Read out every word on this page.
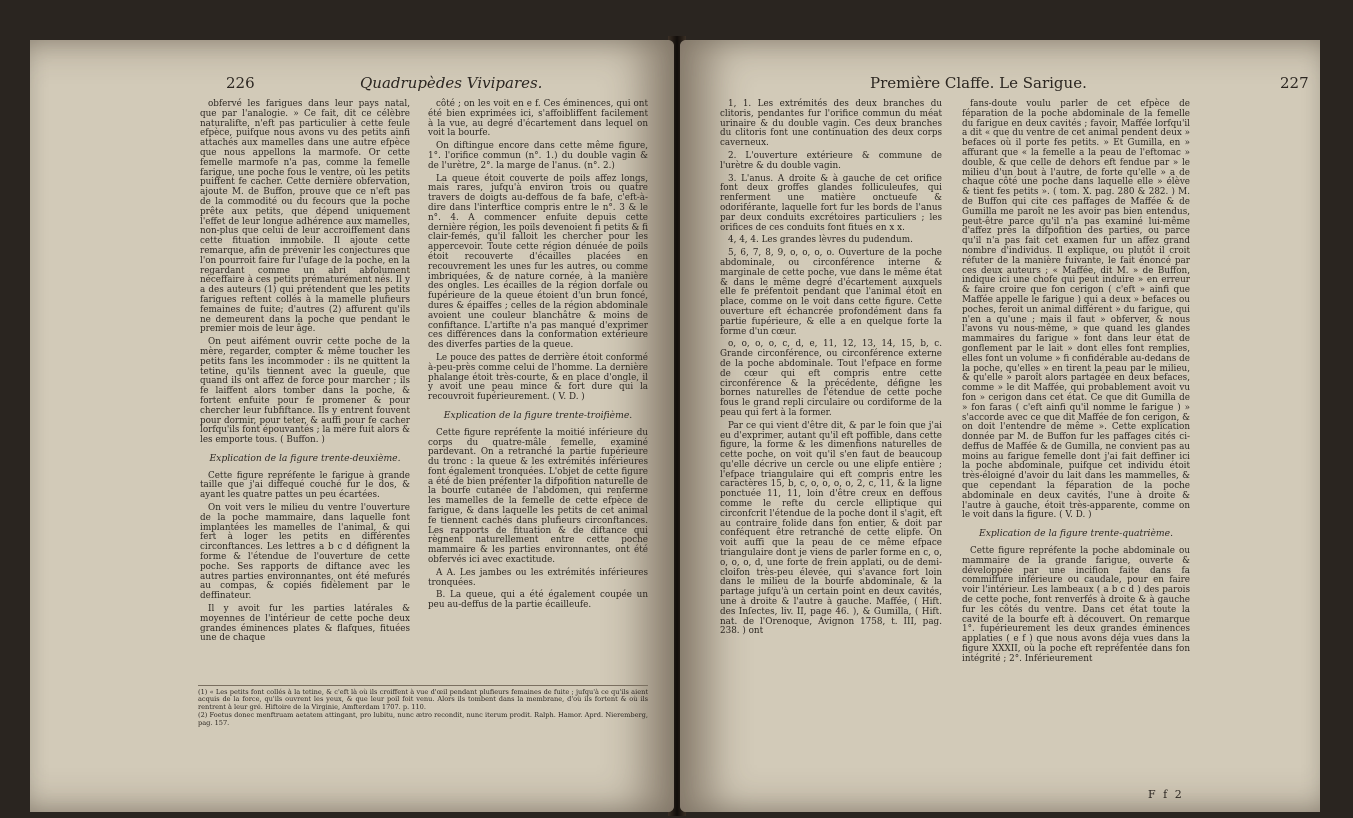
226	Quadrupèdes Vivipares.

obfervé les farigues dans leur pays natal, que par l'analogie. » Ce fait, dit ce célèbre naturalifte, n'eft pas particulier à cette feule efpèce, puifque nous avons vu des petits ainfi attachés aux mamelles dans une autre efpèce que nous appellons la marmofe. Or cette femelle marmofe n'a pas, comme la femelle farigue, une poche fous le ventre, où les petits puiffent fe cacher. Cette dernière obfervation, ajoute M. de Buffon, prouve que ce n'eft pas de la commodité ou du fecours que la poche prête aux petits, que dépend uniquement l'effet de leur longue adhérence aux mamelles, non-plus que celui de leur accroiffement dans cette fituation immobile. Il ajoute cette remarque, afin de prévenir les conjectures que l'on pourroit faire fur l'ufage de la poche, en la regardant comme un abri abfolument néceffaire à ces petits prématurément nés. Il y a des auteurs (1) qui prétendent que les petits farigues reftent collés à la mamelle plufieurs femaines de fuite; d'autres (2) affurent qu'ils ne demeurent dans la poche que pendant le premier mois de leur âge.

On peut aifément ouvrir cette poche de la mère, regarder, compter & même toucher les petits fans les incommoder : ils ne quittent la tetine, qu'ils tiennent avec la gueule, que quand ils ont affez de force pour marcher ; ils fe laiffent alors tomber dans la poche, & fortent enfuite pour fe promener & pour chercher leur fubfiftance. Ils y entrent fouvent pour dormir, pour teter, & auffi pour fe cacher lorfqu'ils font épouvantés ; la mère fuit alors & les emporte tous. ( Buffon. )

Explication de la figure trente-deuxième.

Cette figure repréfente le farigue à grande taille que j'ai diffequé couché fur le dos, & ayant les quatre pattes un peu écartées.

On voit vers le milieu du ventre l'ouverture de la poche mammaire, dans laquelle font implantées les mamelles de l'animal, & qui fert à loger les petits en différentes circonftances. Les lettres a b c d défignent la forme & l'étendue de l'ouverture de cette poche. Ses rapports de diftance avec les autres parties environnantes, ont été mefurés au compas, & copiés fidèlement par le deffinateur.

Il y avoit fur les parties latérales & moyennes de l'intérieur de cette poche deux grandes éminences plates & flafques, fituées une de chaque

côté ; on les voit en e f. Ces éminences, qui ont été bien exprimées ici, s'affoibliffent facilement à la vue, au degré d'écartement dans lequel on voit la bourfe.

On diftingue encore dans cette même figure, 1°. l'orifice commun (n°. 1.) du double vagin & de l'urètre, 2°. la marge de l'anus. (n°. 2.)

La queue étoit couverte de poils affez longs, mais rares, jufqu'à environ trois ou quatre travers de doigts au-deffous de fa bafe, c'eft-à-dire dans l'interftice compris entre le n°. 3 & le n°. 4. A commencer enfuite depuis cette dernière région, les poils devenoient fi petits & fi clair-femés, qu'il falloit les chercher pour les appercevoir. Toute cette région dénuée de poils étoit recouverte d'écailles placées en recouvrement les unes fur les autres, ou comme imbriquées, & de nature cornée, à la manière des ongles. Les écailles de la région dorfale ou fupérieure de la queue étoient d'un brun foncé, dures & épaiffes ; celles de la région abdominale avoient une couleur blanchâtre & moins de confiftance. L'artifte n'a pas manqué d'exprimer ces différences dans la conformation extérieure des diverfes parties de la queue.

Le pouce des pattes de derrière étoit conformé à-peu-près comme celui de l'homme. La dernière phalange étoit très-courte, & en place d'ongle, il y avoit une peau mince & fort dure qui la recouvroit fupérieurement. ( V. D. )

Explication de la figure trente-troifième.

Cette figure repréfente la moitié inférieure du corps du quatre-mâle femelle, examiné pardevant. On a retranché la partie fupérieure du tronc : la queue & les extrémités inférieures font également tronquées. L'objet de cette figure a été de bien préfenter la difpofition naturelle de la bourfe cutanée de l'abdomen, qui renferme les mamelles de la femelle de cette efpèce de farigue, & dans laquelle les petits de cet animal fe tiennent cachés dans plufieurs circonftances. Les rapports de fituation & de diftance qui règnent naturellement entre cette poche mammaire & les parties environnantes, ont été obfervés ici avec exactitude.

A A. Les jambes ou les extrémités inférieures tronquées.

B. La queue, qui a été également coupée un peu au-deffus de la partie écailleufe.

(1) « Les petits font collés à la tetine, & c'eft là où ils croiffent à vue d'œil pendant plufieurs femaines de fuite ; jufqu'à ce qu'ils aient acquis de la force, qu'ils ouvrent les yeux, & que leur poil foit venu. Alors ils tombent dans la membrane, d'où ils fortent & où ils rentrent à leur gré. Hiftoire de la Virginie, Amfterdam 1707. p. 110.

(2) Foetus donec menftruam aetatem attingant, pro lubitu, nunc ætro recondit, nunc iterum prodit. Ralph. Hamor. Aprd. Nieremberg, pag. 157.

Première Claffe. Le Sarigue.	227

1, 1. Les extrémités des deux branches du clitoris, pendantes fur l'orifice commun du méat urinaire & du double vagin. Ces deux branches du clitoris font une continuation des deux corps caverneux.

2. L'ouverture extérieure & commune de l'urètre & du double vagin.

3. L'anus. A droite & à gauche de cet orifice font deux groffes glandes folliculeufes, qui renferment une matière onctueufe & odoriférante, laquelle fort fur les bords de l'anus par deux conduits excrétoires particuliers ; les orifices de ces conduits font fitués en x x.

4, 4, 4. Les grandes lèvres du pudendum.

5, 6, 7, 8, 9, o, o, o, o. Ouverture de la poche abdominale, ou circonférence interne & marginale de cette poche, vue dans le même état & dans le même degré d'écartement auxquels elle fe préfentoit pendant que l'animal étoit en place, comme on le voit dans cette figure. Cette ouverture eft échancrée profondément dans fa partie fupérieure, & elle a en quelque forte la forme d'un cœur.

o, o, o, o, c, d, e, 11, 12, 13, 14, 15, b, c. Grande circonférence, ou circonférence externe de la poche abdominale. Tout l'efpace en forme de cœur qui eft compris entre cette circonférence & la précédente, défigne les bornes naturelles de l'étendue de cette poche fous le grand repli circulaire ou cordiforme de la peau qui fert à la former.

Par ce qui vient d'être dit, & par le foin que j'ai eu d'exprimer, autant qu'il eft poffible, dans cette figure, la forme & les dimenfions naturelles de cette poche, on voit qu'il s'en faut de beaucoup qu'elle décrive un cercle ou une elipfe entière ; l'efpace triangulaire qui eft compris entre les caractères 15, b, c, o, o, o, o, 2, c, 11, & la ligne ponctuée 11, 11, loin d'être creux en deffous comme le refte du cercle elliptique qui circonfcrit l'étendue de la poche dont il s'agit, eft au contraire folide dans fon entier, & doit par conféquent être retranché de cette elipfe. On voit auffi que la peau de ce même efpace triangulaire dont je viens de parler forme en c, o, o, o, o, d, une forte de frein applati, ou de demi-cloifon très-peu élevée, qui s'avance fort loin dans le milieu de la bourfe abdominale, & la partage jufqu'à un certain point en deux cavités, une à droite & l'autre à gauche. Maffée, ( Hift. des Inſectes, liv. II, page 46. ), & Gumilla, ( Hift. nat. de l'Orenoque, Avignon 1758, t. III, pag. 238. ) ont

fans-doute voulu parler de cet efpèce de féparation de la poche abdominale de la femelle du farigue en deux cavités ; favoir, Maffée lorfqu'il a dit « que du ventre de cet animal pendent deux » befaces où il porte fes petits. » Et Gumilla, en » affurant que « la femelle a la peau de l'eftomac » double, & que celle de dehors eft fendue par » le milieu d'un bout à l'autre, de forte qu'elle » a de chaque côté une poche dans laquelle elle » élève & tient fes petits ». ( tom. X. pag. 280 & 282. ) M. de Buffon qui cite ces paffages de Maffée & de Gumilla me paroît ne les avoir pas bien entendus, peut-être parce qu'il n'a pas examiné lui-même d'affez près la difpofition des parties, ou parce qu'il n'a pas fait cet examen fur un affez grand nombre d'individus. Il explique, ou plutôt il croit réfuter de la manière fuivante, le fait énoncé par ces deux auteurs ; « Maffée, dit M. » de Buffon, indique ici une chofe qui peut induire » en erreur & faire croire que fon cerigon ( c'eft » ainfi que Maffée appelle le farigue ) qui a deux » befaces ou poches, feroit un animal différent » du farigue, qui n'en a qu'une ; mais il faut » obferver, & nous l'avons vu nous-même, » que quand les glandes mammaires du farigue » font dans leur état de gonflement par le lait » dont elles font remplies, elles font un volume » fi confidérable au-dedans de la poche, qu'elles » en tirent la peau par le milieu, & qu'elle » paroît alors partagée en deux befaces, comme » le dit Maffée, qui probablement avoit vu fon » cerigon dans cet état. Ce que dit Gumilla de » fon faras ( c'eft ainfi qu'il nomme le farigue ) » s'accorde avec ce que dit Maffée de fon cerigon, & on doit l'entendre de même ». Cette explication donnée par M. de Buffon fur les paffages cités ci-deffus de Maffée & de Gumilla, ne convient pas au moins au farigue femelle dont j'ai fait deffiner ici la poche abdominale, puifque cet individu étoit très-éloigné d'avoir du lait dans les mammelles, & que cependant la féparation de la poche abdominale en deux cavités, l'une à droite & l'autre à gauche, étoit très-apparente, comme on le voit dans la figure. ( V. D. )

Explication de la figure trente-quatrième.

Cette figure repréfente la poche abdominale ou mammaire de la grande farigue, ouverte & développée par une incifion faite dans fa commiffure inférieure ou caudale, pour en faire voir l'intérieur. Les lambeaux ( a b c d ) des parois de cette poche, font renverfés à droite & à gauche fur les côtés du ventre. Dans cet état toute la cavité de la bourfe eft à découvert. On remarque 1°. fupérieurement les deux grandes éminences applaties ( e f ) que nous avons déja vues dans la figure XXXII, où la poche eft repréfentée dans fon intégrité ; 2°. Inférieurement

F f 2
